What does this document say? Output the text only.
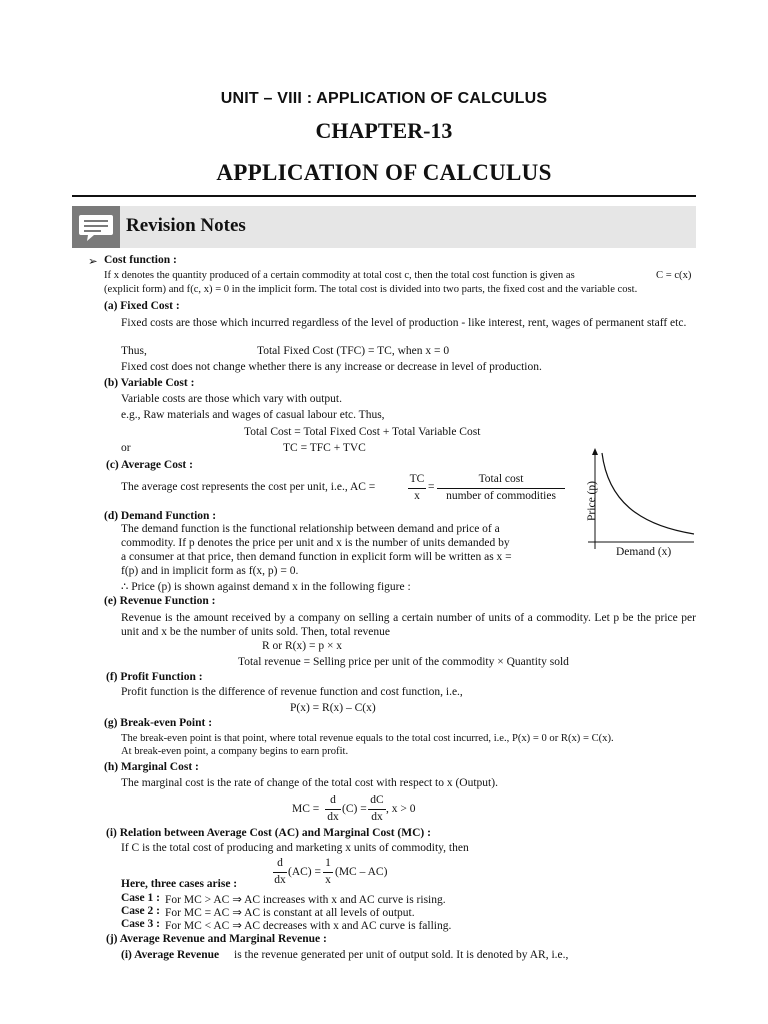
UNIT – VIII : APPLICATION OF CALCULUS
CHAPTER-13
APPLICATION OF CALCULUS
Revision Notes
➢ Cost function :
If x denotes the quantity produced of a certain commodity at total cost c, then the total cost function is given as	C = c(x)
(explicit form) and f(c, x) = 0 in the implicit form. The total cost is divided into two parts, the fixed cost and the variable cost.
(a) Fixed Cost :
Fixed costs are those which incurred regardless of the level of production - like interest, rent, wages of permanent staff etc.
Thus,	Total Fixed Cost (TFC) = TC, when x = 0
Fixed cost does not change whether there is any increase or decrease in level of production.
(b) Variable Cost :
Variable costs are those which vary with output.
e.g., Raw materials and wages of casual labour etc. Thus,
Total Cost = Total Fixed Cost + Total Variable Cost
or	TC = TFC + TVC
(c) Average Cost :
The average cost represents the cost per unit, i.e., AC =
TC
x
=
Total cost
number of commodities
(d) Demand Function :
The demand function is the functional relationship between demand and price of a
commodity. If p denotes the price per unit and x is the number of units demanded by
a consumer at that price, then demand function in explicit form will be written as x =
f(p) and in implicit form as f(x, p) = 0.
∴ Price (p) is shown against demand x in the following figure :
Price (p)
Demand (x)
(e) Revenue Function :
Revenue is the amount received by a company on selling a certain number of units of a commodity. Let p be the price per unit and x be the number of units sold. Then, total revenue
R or R(x) = p × x
Total revenue = Selling price per unit of the commodity × Quantity sold
(f) Profit Function :
Profit function is the difference of revenue function and cost function, i.e.,
P(x) = R(x) – C(x)
(g) Break-even Point :
The break-even point is that point, where total revenue equals to the total cost incurred, i.e., P(x) = 0 or R(x) = C(x).
At break-even point, a company begins to earn profit.
(h) Marginal Cost :
The marginal cost is the rate of change of the total cost with respect to x (Output).
MC =
d
dx
(C) =
dC
dx
, x > 0
(i) Relation between Average Cost (AC) and Marginal Cost (MC) :
If C is the total cost of producing and marketing x units of commodity, then
d
dx
(AC) =
1
x
(MC – AC)
Here, three cases arise :
Case 1 : For MC > AC ⇒ AC increases with x and AC curve is rising.
Case 2 : For MC = AC ⇒ AC is constant at all levels of output.
Case 3 : For MC < AC ⇒ AC decreases with x and AC curve is falling.
(j) Average Revenue and Marginal Revenue :
(i) Average Revenue is the revenue generated per unit of output sold. It is denoted by AR, i.e.,
